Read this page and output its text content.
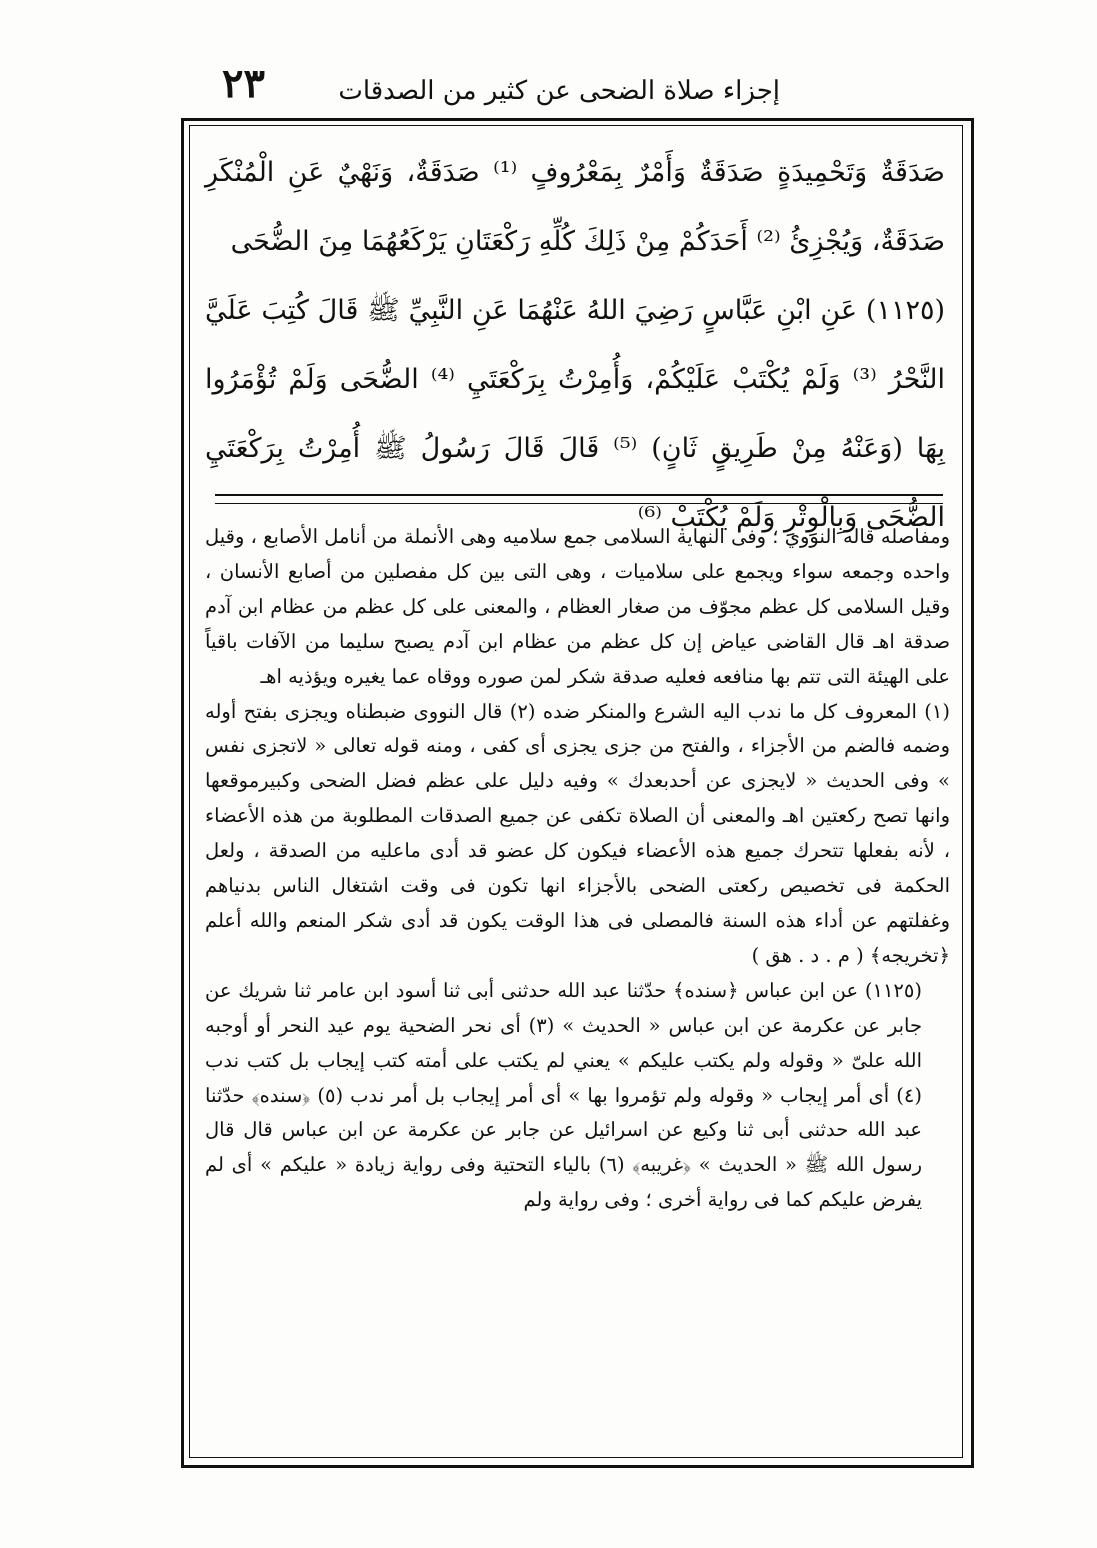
إجزاء صلاة الضحى عن كثير من الصدقات
٢٣

صَدَقَةٌ وَتَحْمِيدَةٍ صَدَقَةٌ وَأَمْرٌ بِمَعْرُوفٍ ⁽¹⁾ صَدَقَةٌ، وَنَهْيٌ عَنِ الْمُنْكَرِ صَدَقَةٌ، وَيُجْزِئُ ⁽²⁾ أَحَدَكُمْ مِنْ ذَلِكَ كُلِّهِ رَكْعَتَانِ يَرْكَعُهُمَا مِنَ الضُّحَى

(١١٢٥) عَنِ ابْنِ عَبَّاسٍ رَضِيَ اللهُ عَنْهُمَا عَنِ النَّبِيِّ ﷺ قَالَ كُتِبَ عَلَيَّ النَّحْرُ ⁽³⁾ وَلَمْ يُكْتَبْ عَلَيْكُمْ، وَأُمِرْتُ بِرَكْعَتَيِ ⁽⁴⁾ الضُّحَى وَلَمْ تُؤْمَرُوا بِهَا (وَعَنْهُ مِنْ طَرِيقٍ ثَانٍ) ⁽⁵⁾ قَالَ قَالَ رَسُولُ ﷺ أُمِرْتُ بِرَكْعَتَيِ الضُّحَى وَبِالْوِتْرِ وَلَمْ يُكْتَبْ ⁽⁶⁾

ومفاصله قاله النووي ؛ وفى النهاية السلامى جمع سلاميه وهى الأنملة من أنامل الأصابع ، وقيل واحده وجمعه سواء ويجمع على سلاميات ، وهى التى بين كل مفصلين من أصابع الأنسان ، وقيل السلامى كل عظم مجوّف من صغار العظام ، والمعنى على كل عظم من عظام ابن آدم صدقة اهـ قال القاضى عياض إن كل عظم من عظام ابن آدم يصبح سليما من الآفات باقياً على الهيئة التى تتم بها منافعه فعليه صدقة شكر لمن صوره ووقاه عما يغيره ويؤذيه اهـ

(١) المعروف كل ما ندب اليه الشرع والمنكر ضده (٢) قال النووى ضبطناه ويجزى بفتح أوله وضمه فالضم من الأجزاء ، والفتح من جزى يجزى أى كفى ، ومنه قوله تعالى « لاتجزى نفس » وفى الحديث « لايجزى عن أحدبعدك » وفيه دليل على عظم فضل الضحى وكبيرموقعها وانها تصح ركعتين اهـ والمعنى أن الصلاة تكفى عن جميع الصدقات المطلوبة من هذه الأعضاء ، لأنه بفعلها تتحرك جميع هذه الأعضاء فيكون كل عضو قد أدى ماعليه من الصدقة ، ولعل الحكمة فى تخصيص ركعتى الضحى بالأجزاء انها تكون فى وقت اشتغال الناس بدنياهم وغفلتهم عن أداء هذه السنة فالمصلى فى هذا الوقت يكون قد أدى شكر المنعم والله أعلم ﴿تخريجه﴾ ( م . د . هق )

(١١٢٥) عن ابن عباس ﴿سنده﴾ حدّثنا عبد الله حدثنى أبى ثنا أسود ابن عامر ثنا شريك عن جابر عن عكرمة عن ابن عباس « الحديث » (٣) أى نحر الضحية يوم عيد النحر أو أوجبه الله علىّ « وقوله ولم يكتب عليكم » يعني لم يكتب على أمته كتب إيجاب بل كتب ندب (٤) أى أمر إيجاب « وقوله ولم تؤمروا بها » أى أمر إيجاب بل أمر ندب (٥) ﴿سنده﴾ حدّثنا عبد الله حدثنى أبى ثنا وكيع عن اسرائيل عن جابر عن عكرمة عن ابن عباس قال قال رسول الله ﷺ « الحديث » ﴿غريبه﴾ (٦) بالياء التحتية وفى رواية زيادة « عليكم » أى لم يفرض عليكم كما فى رواية أخرى ؛ وفى رواية ولم
